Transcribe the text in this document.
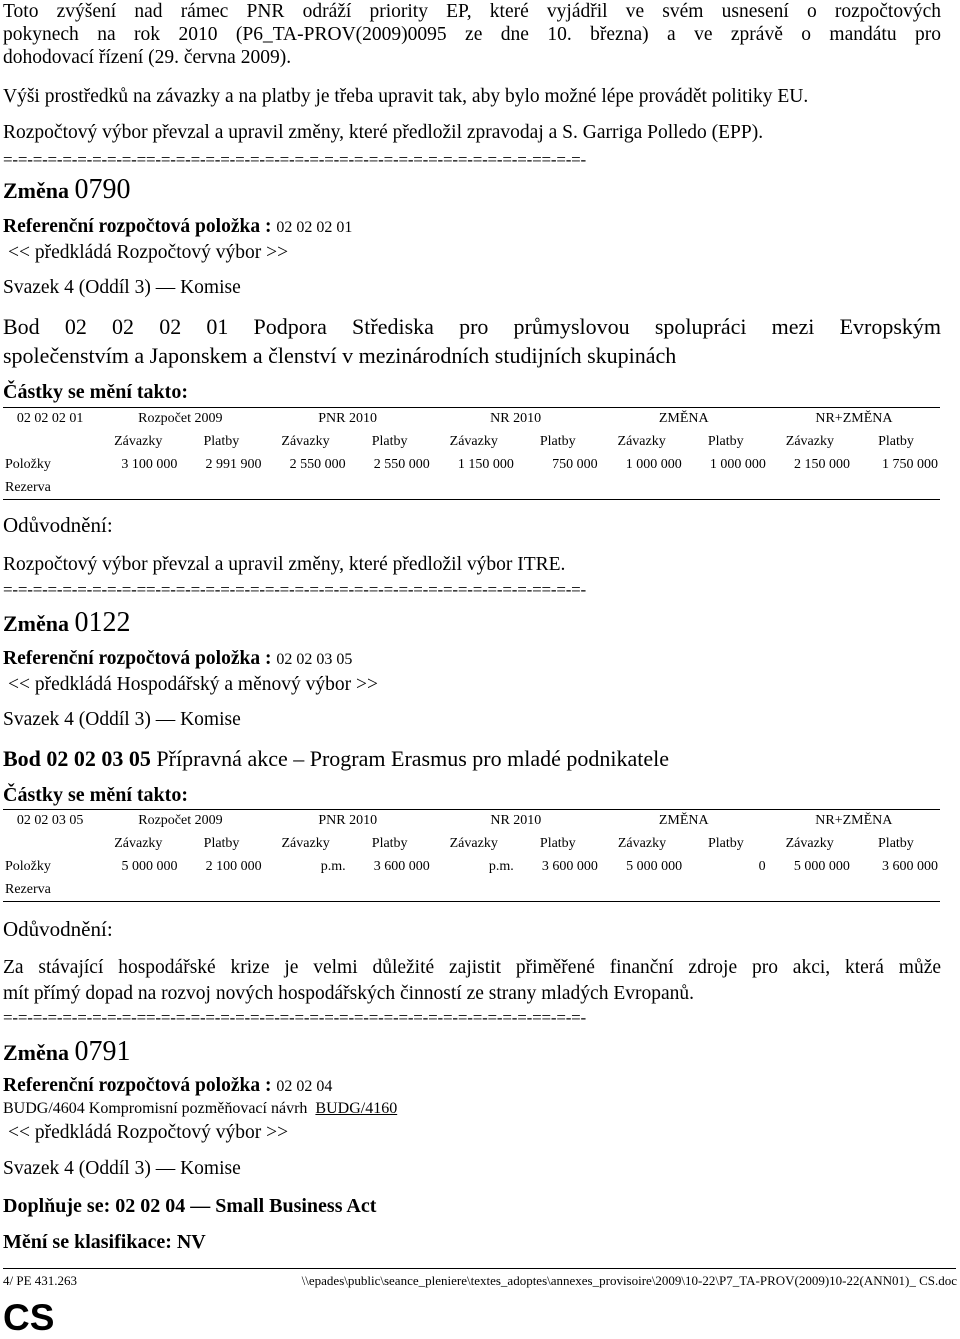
Toto zvýšení nad rámec PNR odráží priority EP, které vyjádřil ve svém usnesení o rozpočtových
pokynech na rok 2010 (P6_TA-PROV(2009)0095 ze dne 10. března) a ve zprávě o mandátu pro
dohodovací řízení (29. června 2009).
Výši prostředků na závazky a na platby je třeba upravit tak, aby bylo možné lépe provádět politiky EU.
Rozpočtový výbor převzal a upravil změny, které předložil zpravodaj a S. Garriga Polledo (EPP).
=-=-=-=-=-=-=-=-=-==-=-=-=-=-=-=-=-=-=-=-=-=-=-=-=-=-=-=-=-=-=-=-=-=-=-==-=-=-
Změna 0790
Referenční rozpočtová položka : 02 02 02 01
<< předkládá Rozpočtový výbor >>
Svazek 4 (Oddíl 3) — Komise
Bod 02 02 02 01 Podpora Střediska pro průmyslovou spolupráci mezi Evropským
společenstvím a Japonskem a členství v mezinárodních studijních skupinách
Částky se mění takto:
02 02 02 01	Rozpočet 2009		PNR 2010		NR 2010		ZMĚNA		NR+ZMĚNA	
	Závazky	Platby	Závazky	Platby	Závazky	Platby	Závazky	Platby	Závazky	Platby
Položky	3 100 000	2 991 900	2 550 000	2 550 000	1 150 000	750 000	1 000 000	1 000 000	2 150 000	1 750 000
Rezerva										
Odůvodnění:
Rozpočtový výbor převzal a upravil změny, které předložil výbor ITRE.
=-=-=-=-=-=-=-=-=-==-=-=-=-=-=-=-=-=-=-=-=-=-=-=-=-=-=-=-=-=-=-=-=-=-=-==-=-=-
Změna 0122
Referenční rozpočtová položka : 02 02 03 05
<< předkládá Hospodářský a měnový výbor >>
Svazek 4 (Oddíl 3) — Komise
Bod 02 02 03 05 Přípravná akce – Program Erasmus pro mladé podnikatele
Částky se mění takto:
02 02 03 05	Rozpočet 2009		PNR 2010		NR 2010		ZMĚNA		NR+ZMĚNA	
	Závazky	Platby	Závazky	Platby	Závazky	Platby	Závazky	Platby	Závazky	Platby
Položky	5 000 000	2 100 000	p.m.	3 600 000	p.m.	3 600 000	5 000 000	0	5 000 000	3 600 000
Rezerva										
Odůvodnění:
Za stávající hospodářské krize je velmi důležité zajistit přiměřené finanční zdroje pro akci, která může
mít přímý dopad na rozvoj nových hospodářských činností ze strany mladých Evropanů.
=-=-=-=-=-=-=-=-=-==-=-=-=-=-=-=-=-=-=-=-=-=-=-=-=-=-=-=-=-=-=-=-=-=-=-==-=-=-
Změna 0791
Referenční rozpočtová položka : 02 02 04
BUDG/4604 Kompromisní pozměňovací návrh BUDG/4160
<< předkládá Rozpočtový výbor >>
Svazek 4 (Oddíl 3) — Komise
Doplňuje se: 02 02 04 — Small Business Act
Mění se klasifikace: NV
4/ PE 431.263	\\epades\public\seance_pleniere\textes_adoptes\annexes_provisoire\2009\10-22\P7_TA-PROV(2009)10-22(ANN01)_ CS.doc
CS
